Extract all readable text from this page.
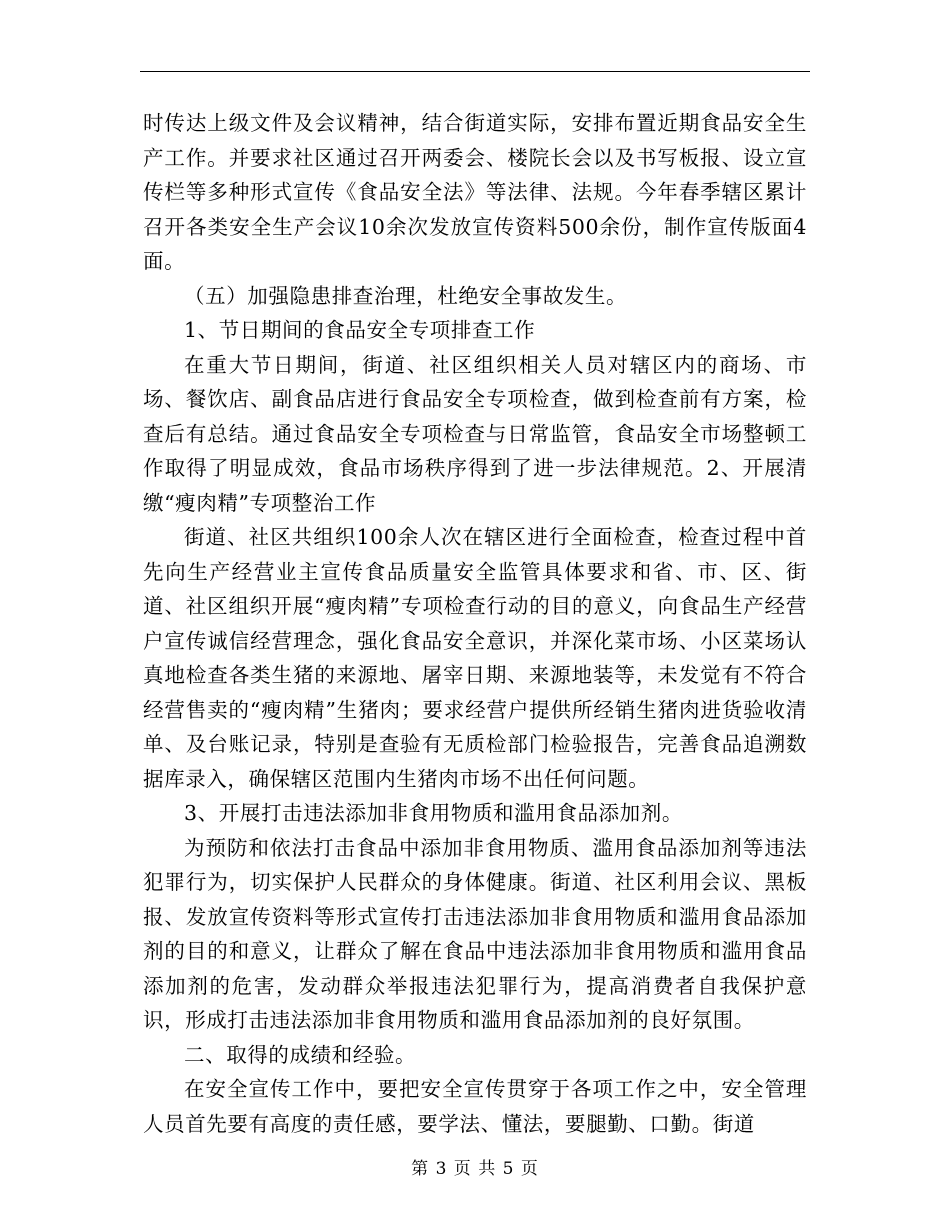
时传达上级文件及会议精神，结合街道实际，安排布置近期食品安全生产工作。并要求社区通过召开两委会、楼院长会以及书写板报、设立宣传栏等多种形式宣传《食品安全法》等法律、法规。今年春季辖区累计召开各类安全生产会议10余次发放宣传资料500余份，制作宣传版面4面。

（五）加强隐患排查治理，杜绝安全事故发生。

1、节日期间的食品安全专项排查工作

在重大节日期间，街道、社区组织相关人员对辖区内的商场、市场、餐饮店、副食品店进行食品安全专项检查，做到检查前有方案，检查后有总结。通过食品安全专项检查与日常监管，食品安全市场整顿工作取得了明显成效，食品市场秩序得到了进一步法律规范。2、开展清缴“瘦肉精”专项整治工作

街道、社区共组织100余人次在辖区进行全面检查，检查过程中首先向生产经营业主宣传食品质量安全监管具体要求和省、市、区、街道、社区组织开展“瘦肉精”专项检查行动的目的意义，向食品生产经营户宣传诚信经营理念，强化食品安全意识，并深化菜市场、小区菜场认真地检查各类生猪的来源地、屠宰日期、来源地装等，未发觉有不符合经营售卖的“瘦肉精”生猪肉；要求经营户提供所经销生猪肉进货验收清单、及台账记录，特别是查验有无质检部门检验报告，完善食品追溯数据库录入，确保辖区范围内生猪肉市场不出任何问题。

3、开展打击违法添加非食用物质和滥用食品添加剂。

为预防和依法打击食品中添加非食用物质、滥用食品添加剂等违法犯罪行为，切实保护人民群众的身体健康。街道、社区利用会议、黑板报、发放宣传资料等形式宣传打击违法添加非食用物质和滥用食品添加剂的目的和意义，让群众了解在食品中违法添加非食用物质和滥用食品添加剂的危害，发动群众举报违法犯罪行为，提高消费者自我保护意识，形成打击违法添加非食用物质和滥用食品添加剂的良好氛围。

二、取得的成绩和经验。

在安全宣传工作中，要把安全宣传贯穿于各项工作之中，安全管理人员首先要有高度的责任感，要学法、懂法，要腿勤、口勤。街道

第 3 页 共 5 页
